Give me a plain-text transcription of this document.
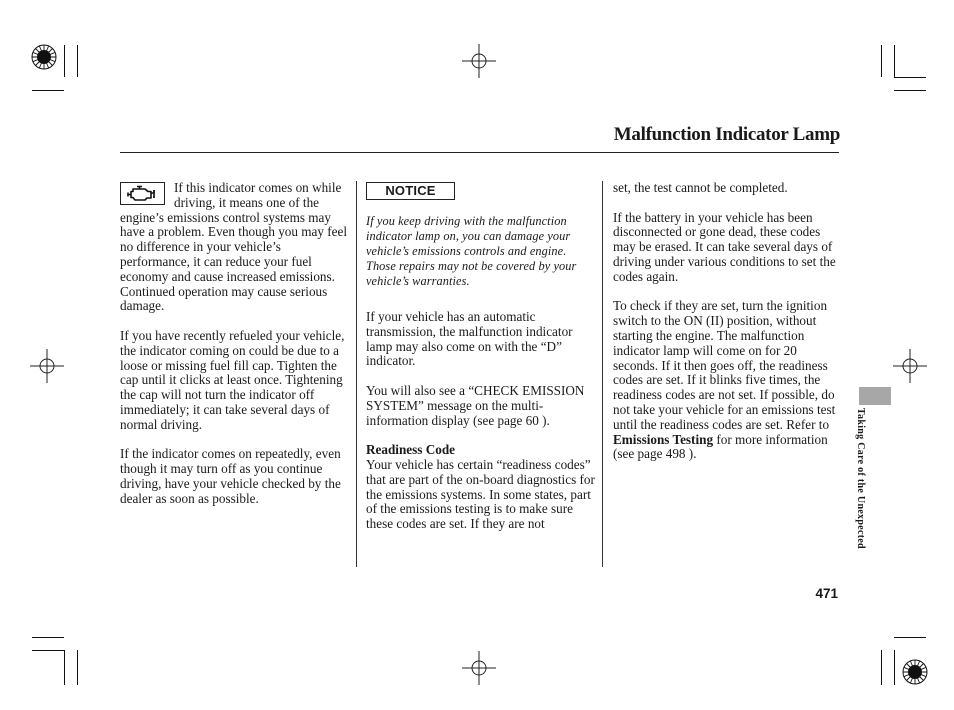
Malfunction Indicator Lamp

If this indicator comes on while driving, it means one of the engine’s emissions control systems may have a problem. Even though you may feel no difference in your vehicle’s performance, it can reduce your fuel economy and cause increased emissions. Continued operation may cause serious damage.

If you have recently refueled your vehicle, the indicator coming on could be due to a loose or missing fuel fill cap. Tighten the cap until it clicks at least once. Tightening the cap will not turn the indicator off immediately; it can take several days of normal driving.

If the indicator comes on repeatedly, even though it may turn off as you continue driving, have your vehicle checked by the dealer as soon as possible.

NOTICE

If you keep driving with the malfunction indicator lamp on, you can damage your vehicle’s emissions controls and engine. Those repairs may not be covered by your vehicle’s warranties.

If your vehicle has an automatic transmission, the malfunction indicator lamp may also come on with the “D” indicator.

You will also see a “CHECK EMISSION SYSTEM” message on the multi-information display (see page 60 ).

Readiness Code

Your vehicle has certain “readiness codes” that are part of the on-board diagnostics for the emissions systems. In some states, part of the emissions testing is to make sure these codes are set. If they are not

set, the test cannot be completed.

If the battery in your vehicle has been disconnected or gone dead, these codes may be erased. It can take several days of driving under various conditions to set the codes again.

To check if they are set, turn the ignition switch to the ON (II) position, without starting the engine. The malfunction indicator lamp will come on for 20 seconds. If it then goes off, the readiness codes are set. If it blinks five times, the readiness codes are not set. If possible, do not take your vehicle for an emissions test until the readiness codes are set. Refer to Emissions Testing for more information (see page 498 ).	Taking Care of the Unexpected
471
